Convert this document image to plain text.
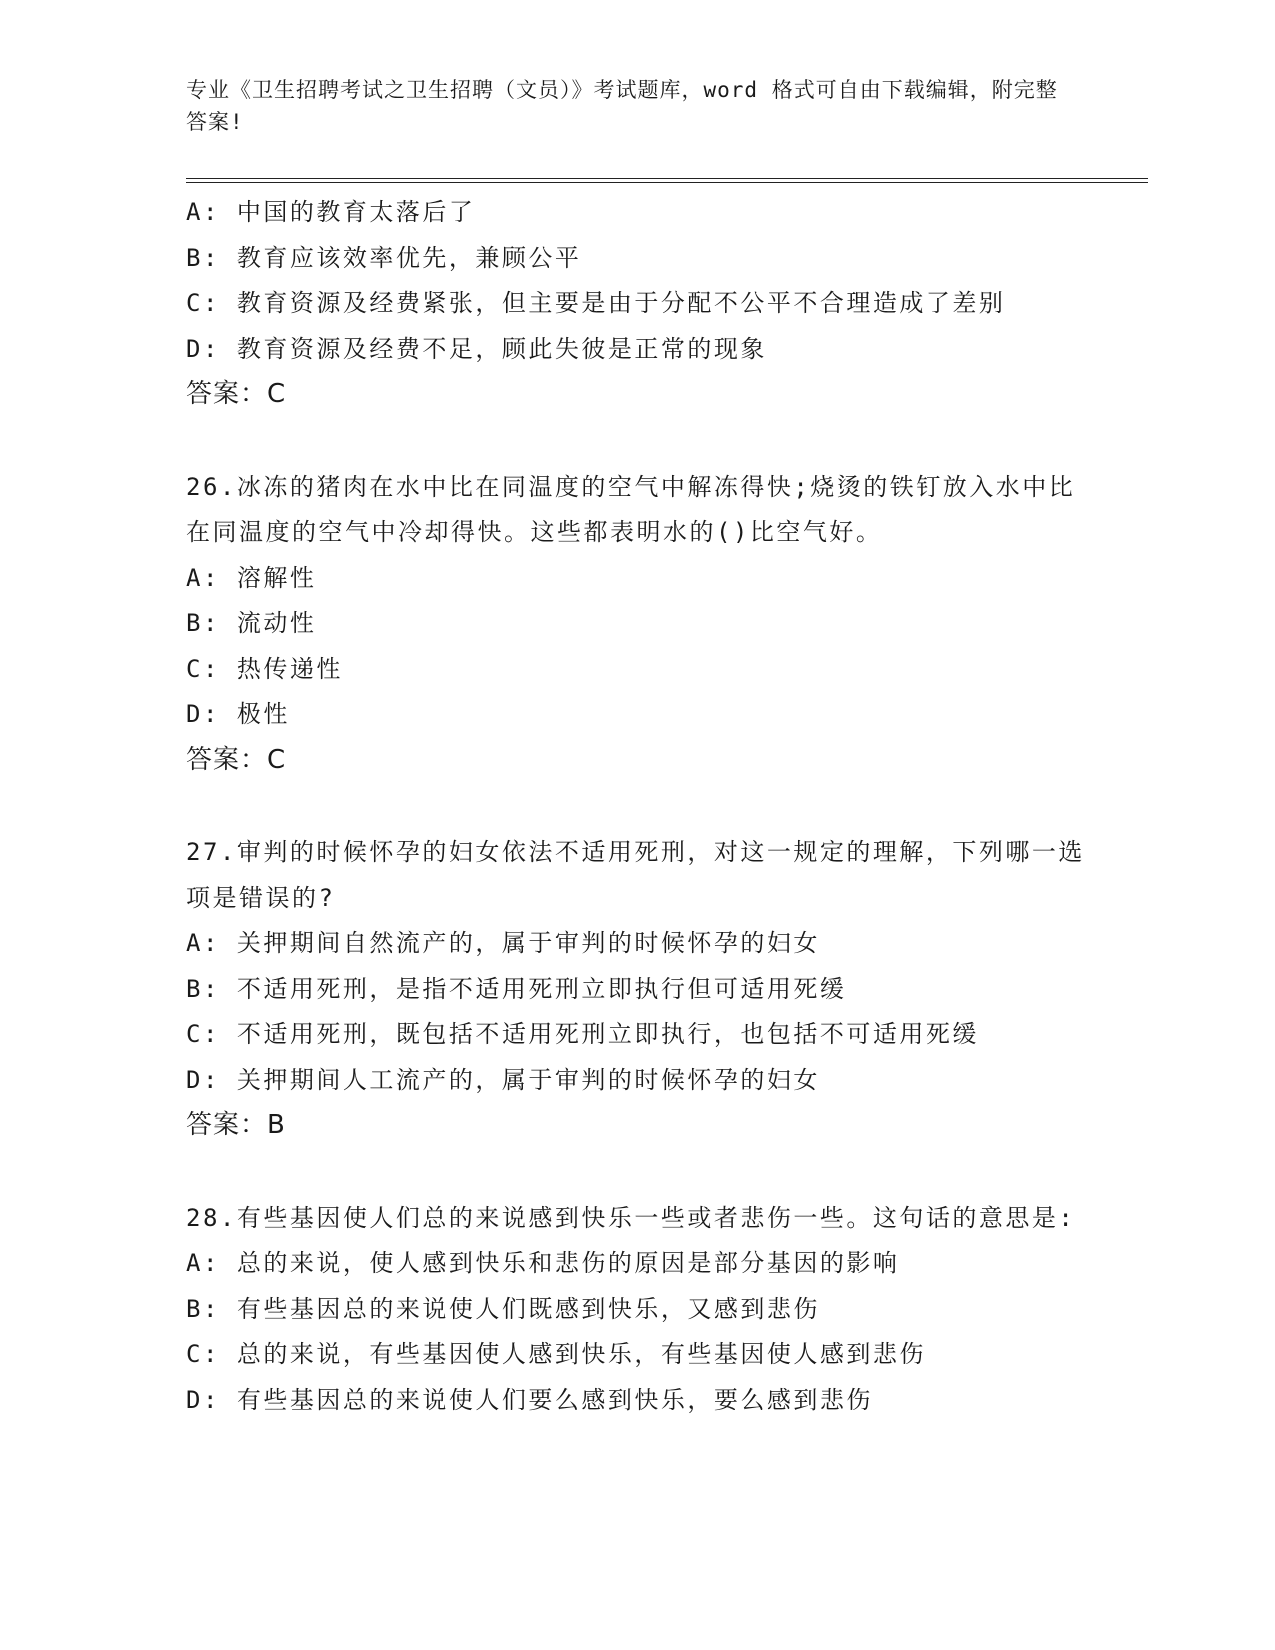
专业《卫生招聘考试之卫生招聘（文员）》考试题库，word 格式可自由下载编辑，附完整答案!
A: 中国的教育太落后了
B: 教育应该效率优先，兼顾公平
C: 教育资源及经费紧张，但主要是由于分配不公平不合理造成了差别
D: 教育资源及经费不足，顾此失彼是正常的现象
答案：C
26.冰冻的猪肉在水中比在同温度的空气中解冻得快;烧烫的铁钉放入水中比在同温度的空气中冷却得快。这些都表明水的()比空气好。
A: 溶解性
B: 流动性
C: 热传递性
D: 极性
答案：C
27.审判的时候怀孕的妇女依法不适用死刑，对这一规定的理解，下列哪一选项是错误的?
A: 关押期间自然流产的，属于审判的时候怀孕的妇女
B: 不适用死刑，是指不适用死刑立即执行但可适用死缓
C: 不适用死刑，既包括不适用死刑立即执行，也包括不可适用死缓
D: 关押期间人工流产的，属于审判的时候怀孕的妇女
答案：B
28.有些基因使人们总的来说感到快乐一些或者悲伤一些。这句话的意思是:
A: 总的来说，使人感到快乐和悲伤的原因是部分基因的影响
B: 有些基因总的来说使人们既感到快乐，又感到悲伤
C: 总的来说，有些基因使人感到快乐，有些基因使人感到悲伤
D: 有些基因总的来说使人们要么感到快乐，要么感到悲伤
